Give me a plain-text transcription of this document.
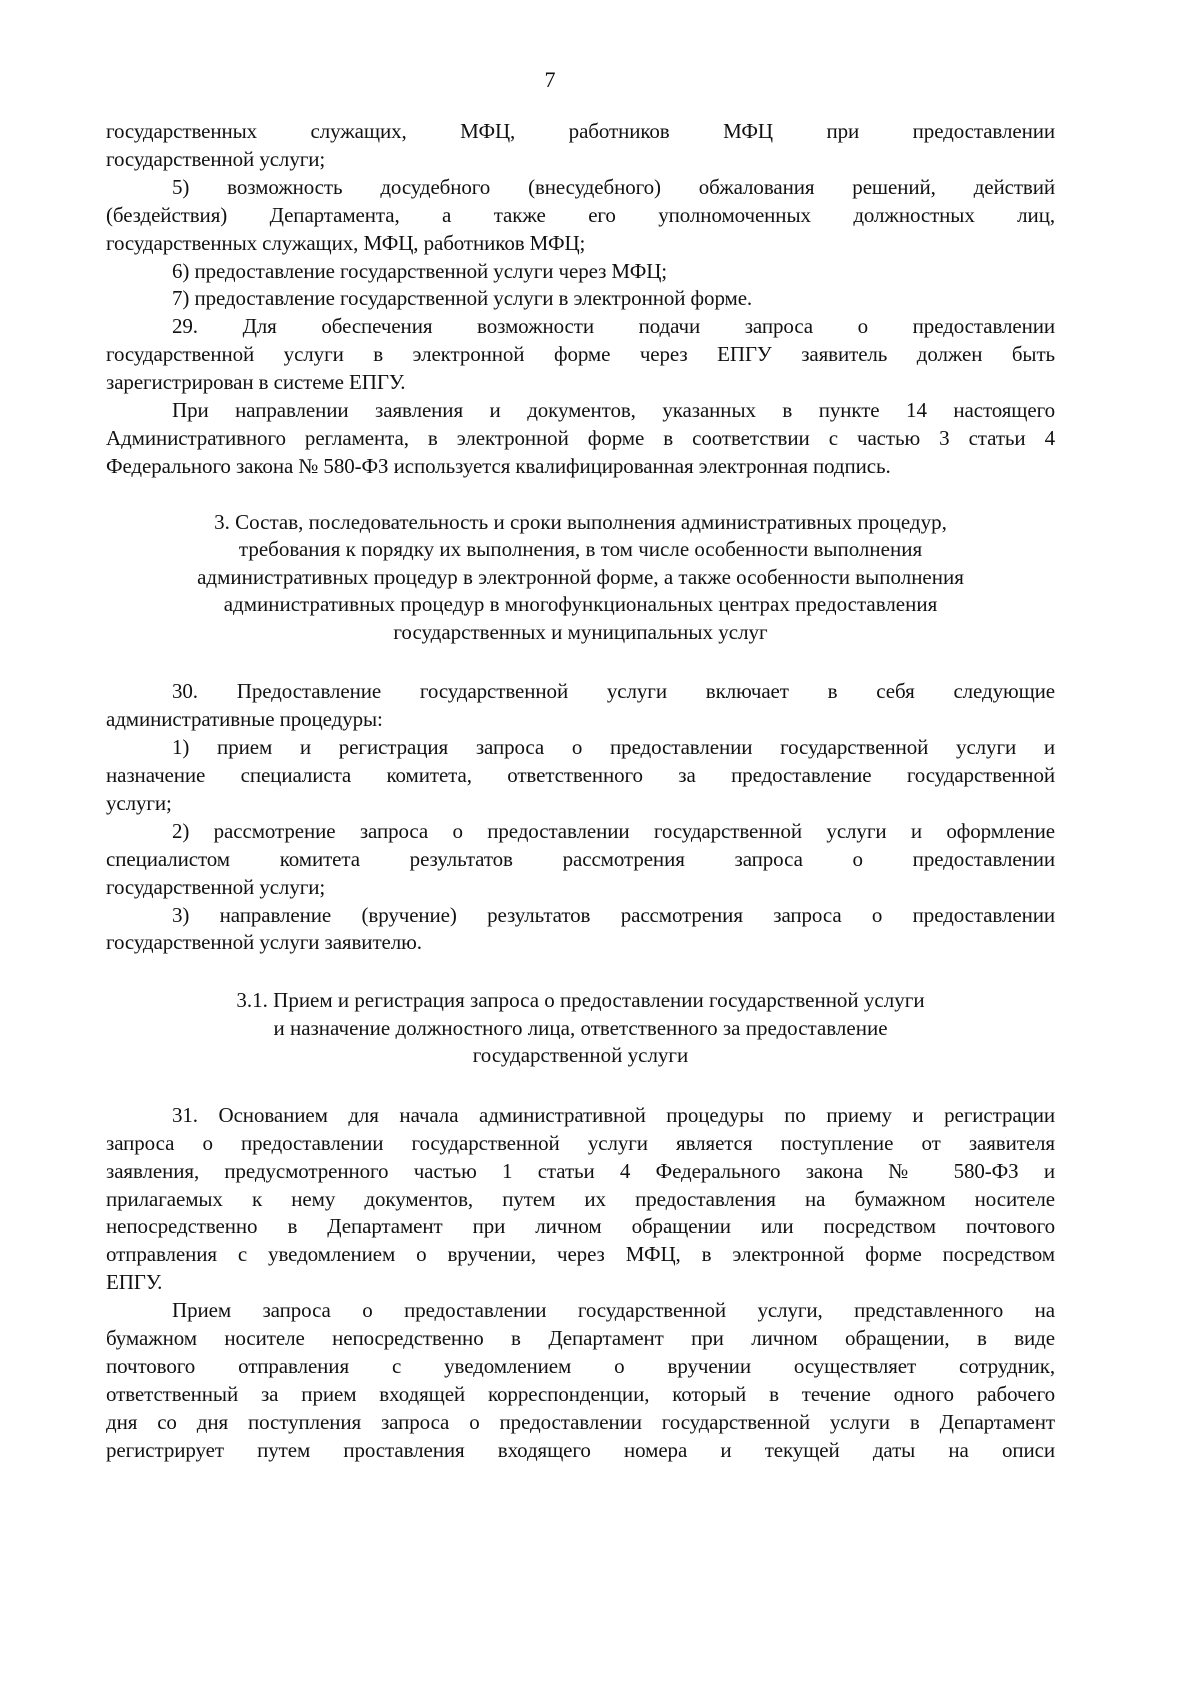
7

государственных служащих, МФЦ, работников МФЦ при предоставлении

государственной услуги;

5) возможность досудебного (внесудебного) обжалования решений, действий

(бездействия) Департамента, а также его уполномоченных должностных лиц,

государственных служащих, МФЦ, работников МФЦ;

6) предоставление государственной услуги через МФЦ;

7) предоставление государственной услуги в электронной форме.

29. Для обеспечения возможности подачи запроса о предоставлении

государственной услуги в электронной форме через ЕПГУ заявитель должен быть

зарегистрирован в системе ЕПГУ.

При направлении заявления и документов, указанных в пункте 14 настоящего

Административного регламента, в электронной форме в соответствии с частью 3 статьи 4

Федерального закона № 580-ФЗ используется квалифицированная электронная подпись.

3. Состав, последовательность и сроки выполнения административных процедур,
требования к порядку их выполнения, в том числе особенности выполнения
административных процедур в электронной форме, а также особенности выполнения
административных процедур в многофункциональных центрах предоставления
государственных и муниципальных услуг

30. Предоставление государственной услуги включает в себя следующие

административные процедуры:

1) прием и регистрация запроса о предоставлении государственной услуги и

назначение специалиста комитета, ответственного за предоставление государственной

услуги;

2) рассмотрение запроса о предоставлении государственной услуги и оформление

специалистом комитета результатов рассмотрения запроса о предоставлении

государственной услуги;

3) направление (вручение) результатов рассмотрения запроса о предоставлении

государственной услуги заявителю.

3.1. Прием и регистрация запроса о предоставлении государственной услуги
и назначение должностного лица, ответственного за предоставление
государственной услуги

31. Основанием для начала административной процедуры по приему и регистрации

запроса о предоставлении государственной услуги является поступление от заявителя

заявления, предусмотренного частью 1 статьи 4 Федерального закона № 580-ФЗ и

прилагаемых к нему документов, путем их предоставления на бумажном носителе

непосредственно в Департамент при личном обращении или посредством почтового

отправления с уведомлением о вручении, через МФЦ, в электронной форме посредством

ЕПГУ.

Прием запроса о предоставлении государственной услуги, представленного на

бумажном носителе непосредственно в Департамент при личном обращении, в виде

почтового отправления с уведомлением о вручении осуществляет сотрудник,

ответственный за прием входящей корреспонденции, который в течение одного рабочего

дня со дня поступления запроса о предоставлении государственной услуги в Департамент

регистрирует путем проставления входящего номера и текущей даты на описи
